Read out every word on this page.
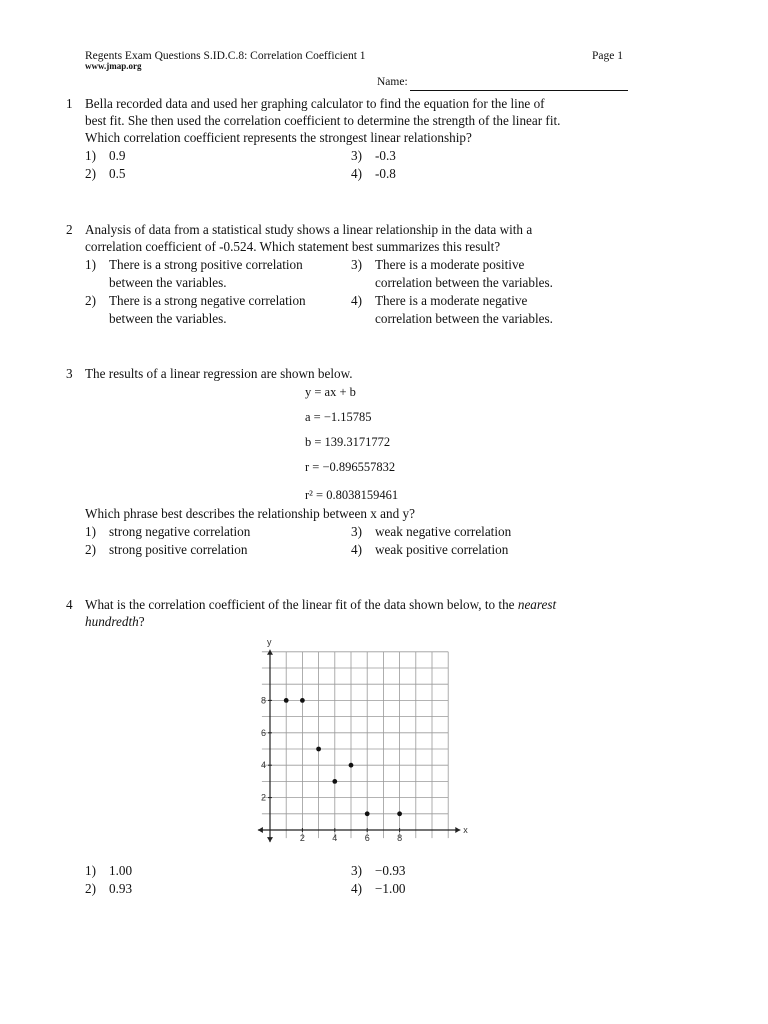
Regents Exam Questions S.ID.C.8: Correlation Coefficient 1	Page 1
www.jmap.org
Name:
1 Bella recorded data and used her graphing calculator to find the equation for the line of
best fit. She then used the correlation coefficient to determine the strength of the linear fit.
Which correlation coefficient represents the strongest linear relationship?
1) 0.9
2) 0.5
3) -0.3
4) -0.8
2 Analysis of data from a statistical study shows a linear relationship in the data with a
correlation coefficient of -0.524. Which statement best summarizes this result?
1) There is a strong positive correlation
between the variables.
2) There is a strong negative correlation
between the variables.
3) There is a moderate positive
correlation between the variables.
4) There is a moderate negative
correlation between the variables.
3 The results of a linear regression are shown below.
y = ax + b
a = −1.15785
b = 139.3171772
r = −0.896557832
r² = 0.8038159461
Which phrase best describes the relationship between x and y?
1) strong negative correlation
2) strong positive correlation
3) weak negative correlation
4) weak positive correlation
4 What is the correlation coefficient of the linear fit of the data shown below, to the nearest
hundredth?
x
y
2	4	6	8
2
4
6
8
1) 1.00
2) 0.93
3) −0.93
4) −1.00
